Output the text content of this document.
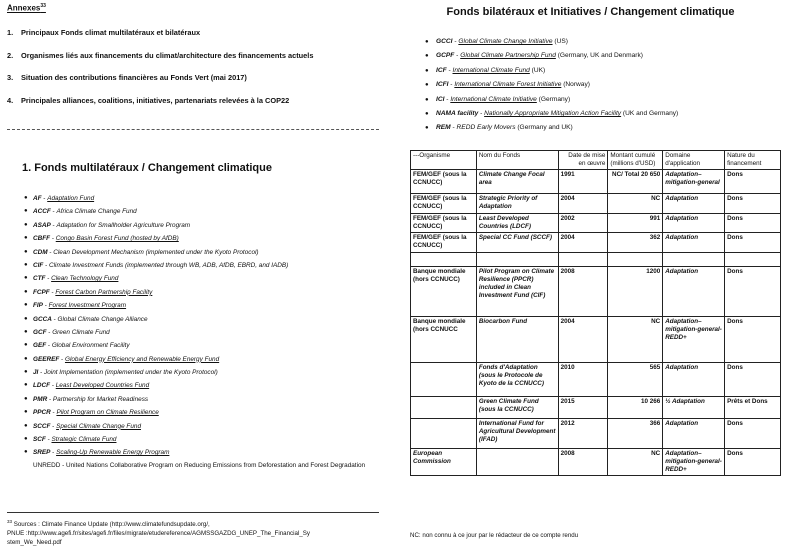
Annexes$^{33}$
1. Principaux Fonds climat multilatéraux et bilatéraux
2. Organismes liés aux financements du climat/architecture des financements actuels
3. Situation des contributions financières au Fonds Vert (mai 2017)
4. Principales alliances, coalitions, initiatives, partenariats relevées à la COP22
1. Fonds multilatéraux / Changement climatique
● AF - Adaptation Fund
● ACCF - Africa Climate Change Fund
● ASAP - Adaptation for Smallholder Agriculture Program
● CBFF - Congo Basin Forest Fund (hosted by AfDB)
● CDM - Clean Development Mechanism (implemented under the Kyoto Protocol)
● CIF - Climate Investment Funds (implemented through WB, ADB, AfDB, EBRD, and IADB)
● CTF - Clean Technology Fund
● FCPF - Forest Carbon Partnership Facility
● FIP - Forest Investment Program
● GCCA - Global Climate Change Alliance
● GCF - Green Climate Fund
● GEF - Global Environment Facility
● GEEREF - Global Energy Efficiency and Renewable Energy Fund
● JI - Joint Implementation (implemented under the Kyoto Protocol)
● LDCF - Least Developed Countries Fund
● PMR - Partnership for Market Readiness
● PPCR - Pilot Program on Climate Resilience
● SCCF - Special Climate Change Fund
● SCF - Strategic Climate Fund
● SREP - Scaling-Up Renewable Energy Program
UNREDD - United Nations Collaborative Program on Reducing Emissions from Deforestation and Forest Degradation
$^{33}$ Sources : Climate Finance Update (http://www.climatefundsupdate.org/,
PNUE :http://www.agefi.fr/sites/agefi.fr/files/migrate/etudereference/AGMSSGAZDG_UNEP_The_Financial_Sy
stem_We_Need.pdf
Fonds bilatéraux et Initiatives / Changement climatique
● GCCI - Global Climate Change Initiative (US)
● GCPF - Global Climate Partnership Fund (Germany, UK and Denmark)
● ICF - International Climate Fund (UK)
● ICFI - International Climate Forest Initiative (Norway)
● ICI - International Climate Initiative (Germany)
● NAMA facility - Nationally Appropriate Mitigation Action Facility (UK and Germany)
● REM - REDD Early Movers (Germany and UK)
---Organisme	Nom du Fonds	Date de mise en œuvre	Montant cumulé (millions d'USD)	Domaine d'application	Nature du financement
FEM/GEF (sous la CCNUCC)	Climate Change Focal area	1991	NC/ Total 20 650	Adaptation–mitigation-general	Dons
FEM/GEF (sous la CCNUCC)	Strategic Priority of Adaptation	2004	NC	Adaptation	Dons
FEM/GEF (sous la CCNUCC)	Least Developed Countries (LDCF)	2002	991	Adaptation	Dons
FEM/GEF (sous la CCNUCC)	Special CC Fund (SCCF)	2004	362	Adaptation	Dons

Banque mondiale (hors CCNUCC)	Pilot Program on Climate Resilience (PPCR) included in Clean Investment Fund (CIF)	2008	1200	Adaptation	Dons
Banque mondiale (hors CCNUCC	Biocarbon Fund	2004	NC	Adaptation–mitigation-general-REDD+	Dons
	Fonds d'Adaptation (sous le Protocole de Kyoto de la CCNUCC)	2010	565	Adaptation	Dons
	Green Climate Fund (sous la CCNUCC)	2015	10 266	½ Adaptation	Prêts et Dons
	International Fund for Agricultural Development (IFAD)	2012	366	Adaptation	Dons
European Commission		2008	NC	Adaptation–mitigation-general- REDD+	Dons
NC: non connu à ce jour par le rédacteur de ce compte rendu
